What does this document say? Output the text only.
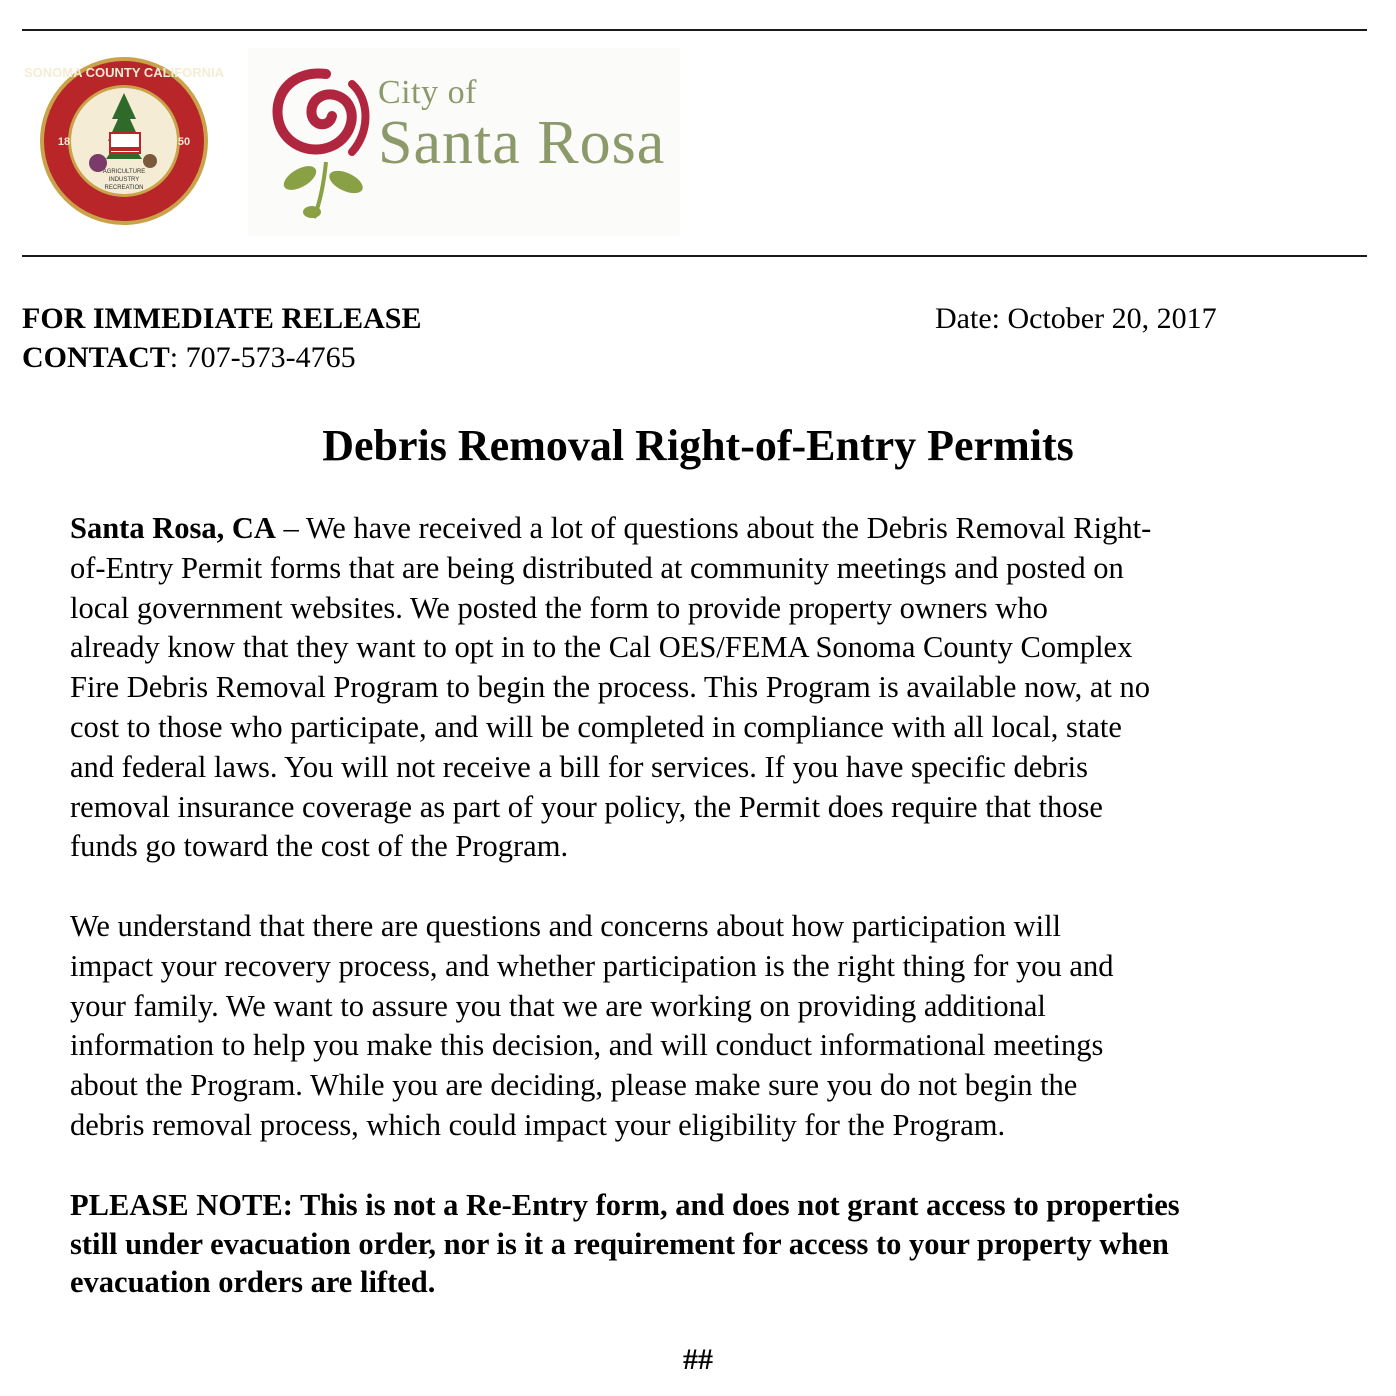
SONOMA COUNTY CALIFORNIA
18	50
AGRICULTURE
INDUSTRY
RECREATION
City of
Santa Rosa
FOR IMMEDIATE RELEASE
CONTACT: 707-573-4765
Date: October 20, 2017
Debris Removal Right-of-Entry Permits
Santa Rosa, CA – We have received a lot of questions about the Debris Removal Right-
of-Entry Permit forms that are being distributed at community meetings and posted on
local government websites. We posted the form to provide property owners who
already know that they want to opt in to the Cal OES/FEMA Sonoma County Complex
Fire Debris Removal Program to begin the process. This Program is available now, at no
cost to those who participate, and will be completed in compliance with all local, state
and federal laws. You will not receive a bill for services. If you have specific debris
removal insurance coverage as part of your policy, the Permit does require that those
funds go toward the cost of the Program.
We understand that there are questions and concerns about how participation will
impact your recovery process, and whether participation is the right thing for you and
your family. We want to assure you that we are working on providing additional
information to help you make this decision, and will conduct informational meetings
about the Program. While you are deciding, please make sure you do not begin the
debris removal process, which could impact your eligibility for the Program.
PLEASE NOTE: This is not a Re-Entry form, and does not grant access to properties
still under evacuation order, nor is it a requirement for access to your property when
evacuation orders are lifted.
##
